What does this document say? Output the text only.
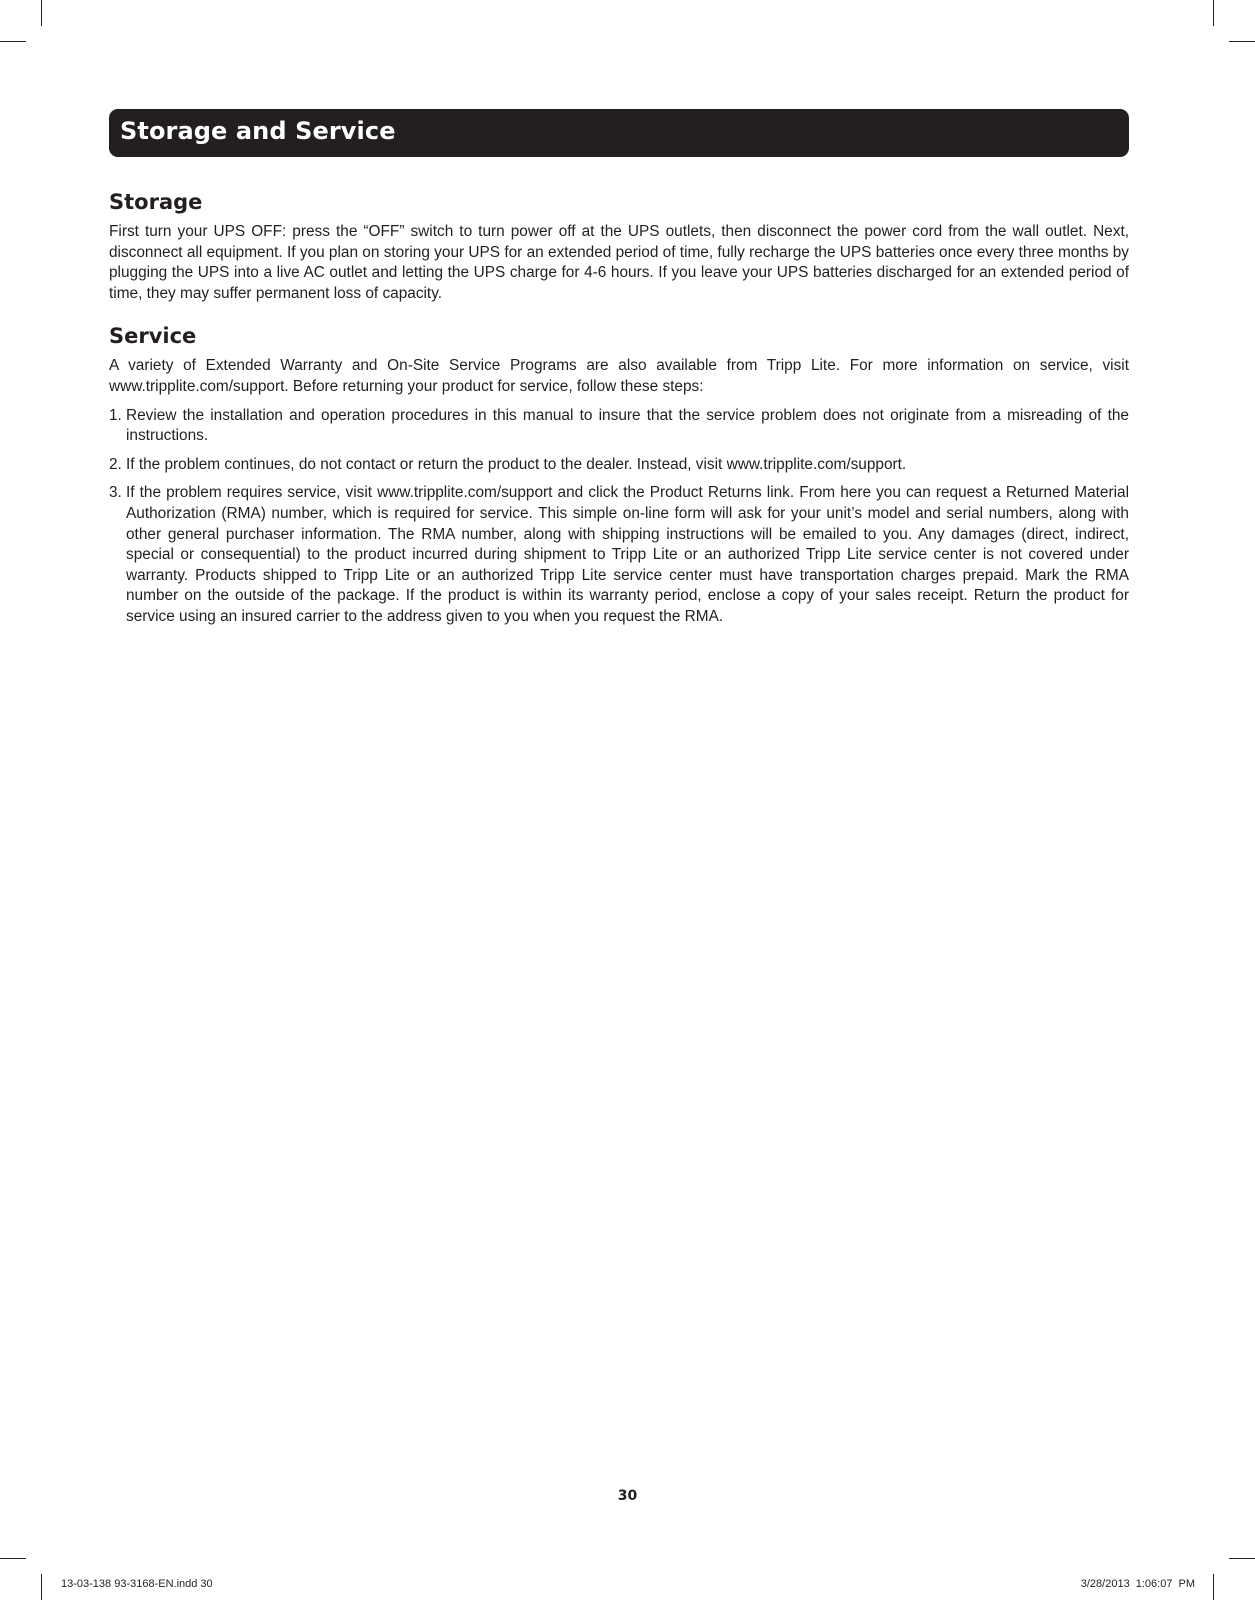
Storage and Service
Storage

First turn your UPS OFF: press the “OFF” switch to turn power off at the UPS outlets, then disconnect the power cord from the wall outlet. Next, disconnect all equipment. If you plan on storing your UPS for an extended period of time, fully recharge the UPS batteries once every three months by plugging the UPS into a live AC outlet and letting the UPS charge for 4-6 hours. If you leave your UPS batteries discharged for an extended period of time, they may suffer permanent loss of capacity.

Service

A variety of Extended Warranty and On-Site Service Programs are also available from Tripp Lite. For more information on service, visit www.tripplite.com/support. Before returning your product for service, follow these steps:

1. Review the installation and operation procedures in this manual to insure that the service problem does not originate from a misreading of the instructions.
2. If the problem continues, do not contact or return the product to the dealer. Instead, visit www.tripplite.com/support.
3. If the problem requires service, visit www.tripplite.com/support and click the Product Returns link. From here you can request a Returned Material Authorization (RMA) number, which is required for service. This simple on-line form will ask for your unit’s model and serial numbers, along with other general purchaser information. The RMA number, along with shipping instructions will be emailed to you. Any damages (direct, indirect, special or consequential) to the product incurred during shipment to Tripp Lite or an authorized Tripp Lite service center is not covered under warranty. Products shipped to Tripp Lite or an authorized Tripp Lite service center must have transportation charges prepaid. Mark the RMA number on the outside of the package. If the product is within its warranty period, enclose a copy of your sales receipt. Return the product for service using an insured carrier to the address given to you when you request the RMA.
30
13-03-138 93-3168-EN.indd 30	3/28/2013 1:06:07 PM
